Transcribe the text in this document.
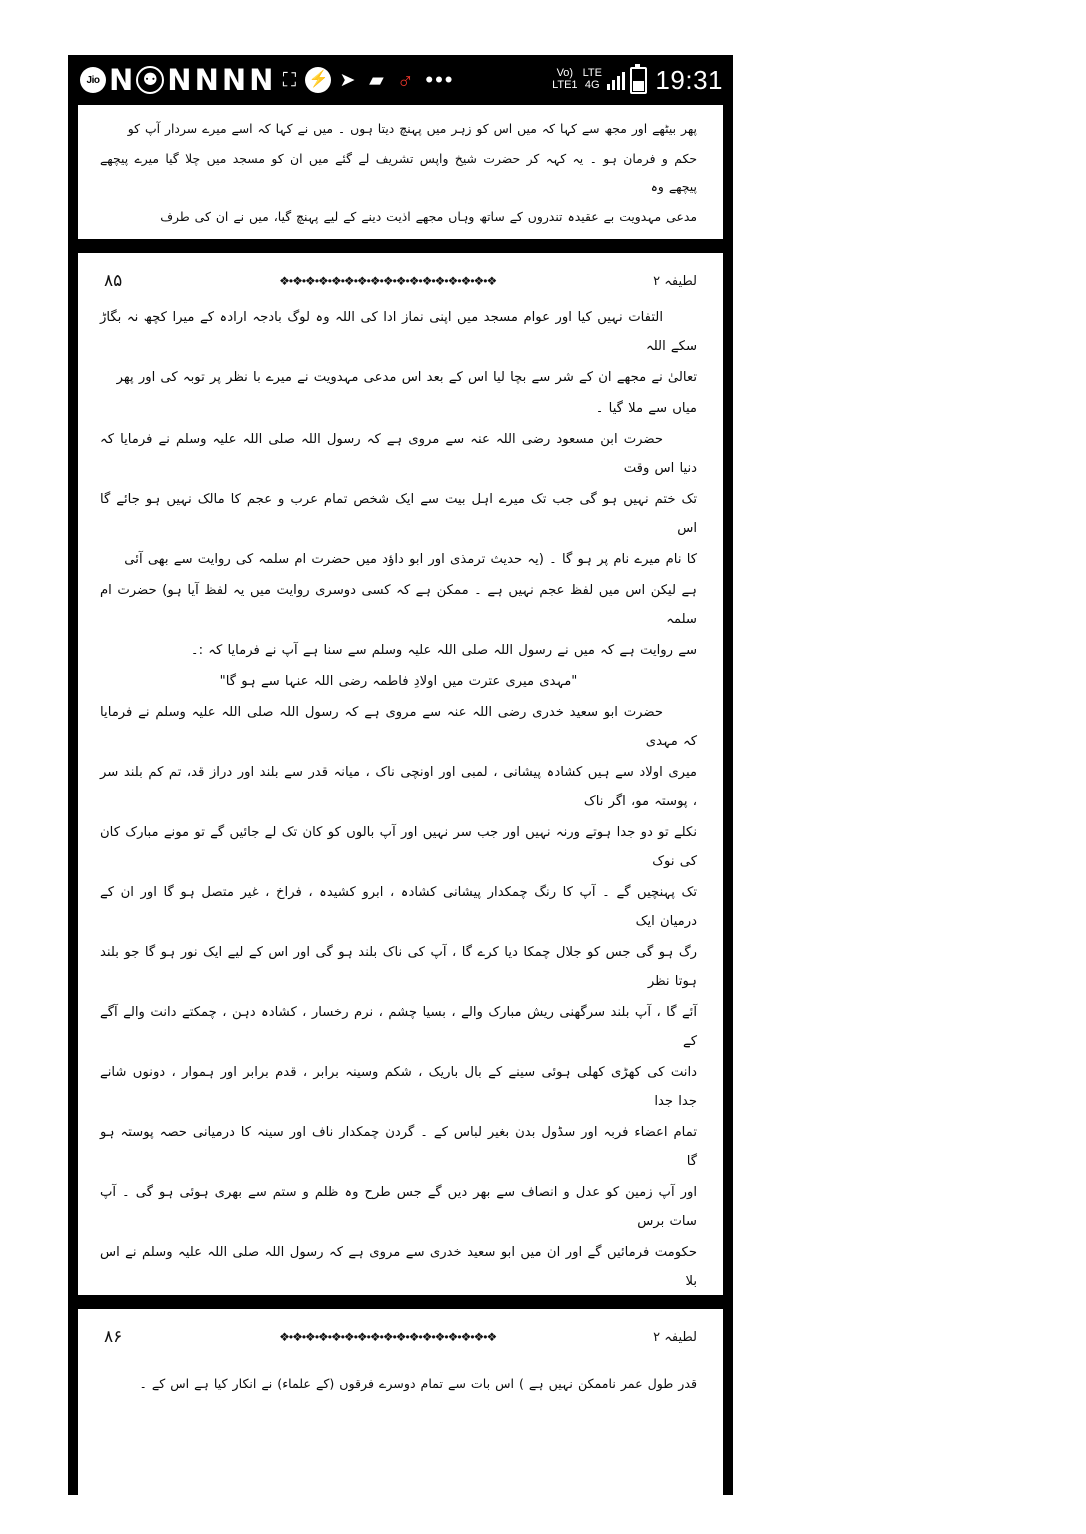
Jio N ⚉ N N N N ⛶ ⚡ ➤ ▰ ♂ •••	Vo)
LTE1
LTE
4G 19:31

پھر بیٹھے اور مجھ سے کہا کہ میں اس کو زہر میں پہنچ دیتا ہوں ۔ میں نے کہا کہ اسے میرے سردار آپ کو

حکم و فرمان ہو ۔ یہ کہہ کر حضرت شیخ واپس تشریف لے گئے میں ان کو مسجد میں چلا گیا میرے پیچھے پیچھے وہ

مدعی مہدویت بے عقیدہ تندروں کے ساتھ وہاں مجھے اذیت دینے کے لیے پہنچ گیا، میں نے ان کی طرف

لطیفہ ۲
❖•❖•❖•❖•❖•❖•❖•❖•❖•❖•❖•❖•❖•❖•❖•❖•❖
۸۵

التفات نہیں کیا اور عوام مسجد میں اپنی نماز ادا کی اللہ وہ لوگ بادجہ ارادہ کے میرا کچھ نہ بگاڑ سکے اللہ

تعالیٰ نے مجھے ان کے شر سے بچا لیا اس کے بعد اس مدعی مہدویت نے میرے با نظر پر توبہ کی اور پھر

میاں سے ملا گیا ۔

حضرت ابن مسعود رضی اللہ عنہ سے مروی ہے کہ رسول اللہ صلی اللہ علیہ وسلم نے فرمایا کہ دنیا اس وقت

تک ختم نہیں ہو گی جب تک میرے اہل بیت سے ایک شخص تمام عرب و عجم کا مالک نہیں ہو جائے گا اس

کا نام میرے نام پر ہو گا ۔ (یہ حدیث ترمذی اور ابو داؤد میں حضرت ام سلمہ کی روایت سے بھی آئی

ہے لیکن اس میں لفظ عجم نہیں ہے ۔ ممکن ہے کہ کسی دوسری روایت میں یہ لفظ آیا ہو) حضرت ام سلمہ

سے روایت ہے کہ میں نے رسول اللہ صلی اللہ علیہ وسلم سے سنا ہے آپ نے فرمایا کہ :۔

"مہدی میری عترت میں اولادِ فاطمہ رضی اللہ عنہا سے ہو گا"

حضرت ابو سعید خدری رضی اللہ عنہ سے مروی ہے کہ رسول اللہ صلی اللہ علیہ وسلم نے فرمایا کہ مہدی

میری اولاد سے ہیں کشادہ پیشانی ، لمبی اور اونچی ناک ، میانہ قدر سے بلند اور دراز قد، تم کم بلند سر ، پوستہ مو، اگر ناک

نکلے تو دو جدا ہوتے ورنہ نہیں اور جب سر نہیں اور آپ بالوں کو کان تک لے جائیں گے تو مونے مبارک کان کی نوک

تک پہنچیں گے ۔ آپ کا رنگ چمکدار پیشانی کشادہ ، ابرو کشیدہ ، فراخ ، غیر متصل ہو گا اور ان کے درمیان ایک

رگ ہو گی جس کو جلال چمکا دیا کرے گا ، آپ کی ناک بلند ہو گی اور اس کے لیے ایک نور ہو گا جو بلند ہوتا نظر

آئے گا ، آپ بلند سرگھنی ریش مبارک والے ، بسیا چشم ، نرم رخسار ، کشادہ دہن ، چمکتے دانت والے آگے کے

دانت کی کھڑی کھلی ہوئی سینے کے بال باریک ، شکم وسینہ برابر ، قدم برابر اور ہموار ، دونوں شانے جدا جدا

تمام اعضاء فربہ اور سڈول بدن بغیر لباس کے ۔ گردن چمکدار ناف اور سینہ کا درمیانی حصہ پوستہ ہو گا

اور آپ زمین کو عدل و انصاف سے بھر دیں گے جس طرح وہ ظلم و ستم سے بھری ہوئی ہو گی ۔ آپ سات برس

حکومت فرمائیں گے اور ان میں ابو سعید خدری سے مروی ہے کہ رسول اللہ صلی اللہ علیہ وسلم نے اس بلا

لطیفہ ۲
❖•❖•❖•❖•❖•❖•❖•❖•❖•❖•❖•❖•❖•❖•❖•❖•❖
۸۶

قدر طول عمر ناممکن نہیں ہے ) اس بات سے تمام دوسرے فرقوں (کے علماء) نے انکار کیا ہے اس کے ۔
